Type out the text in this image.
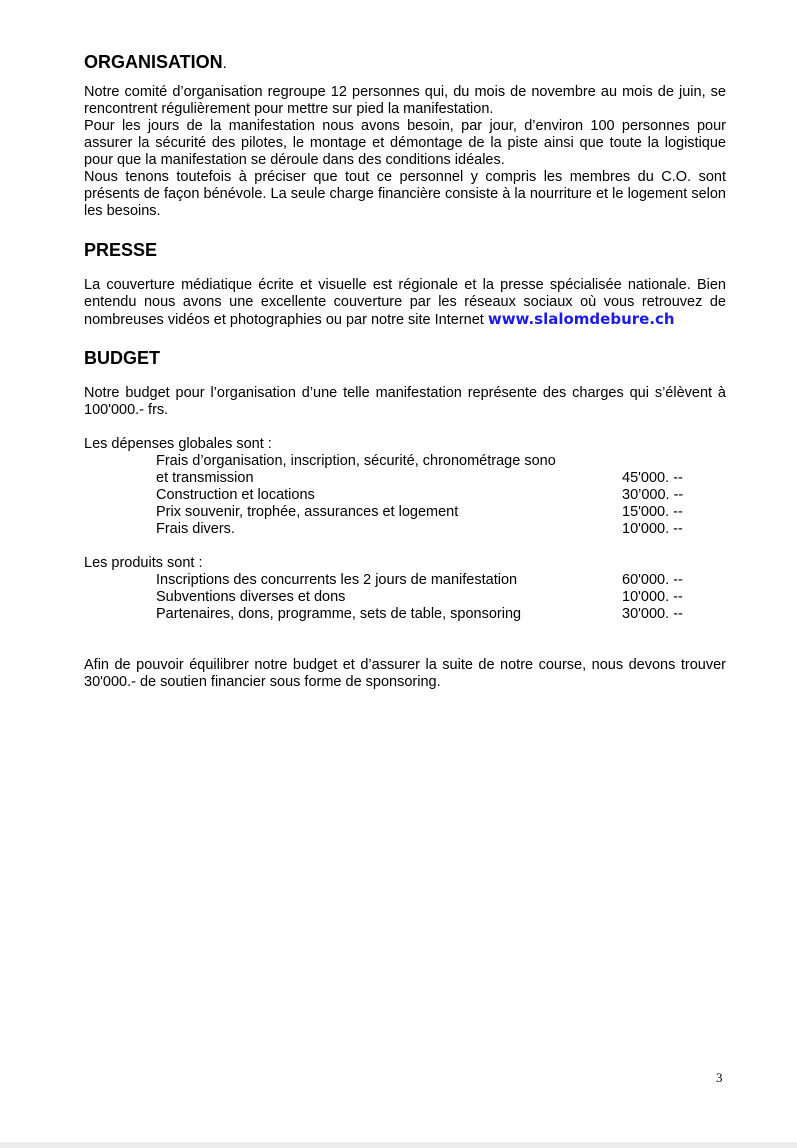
ORGANISATION.

Notre comité d’organisation regroupe 12 personnes qui, du mois de novembre au mois de juin, se rencontrent régulièrement pour mettre sur pied la manifestation.

Pour les jours de la manifestation nous avons besoin, par jour, d’environ 100 personnes pour assurer la sécurité des pilotes, le montage et démontage de la piste ainsi que toute la logistique pour que la manifestation se déroule dans des conditions idéales.

Nous tenons toutefois à préciser que tout ce personnel y compris les membres du C.O. sont présents de façon bénévole. La seule charge financière consiste à la nourriture et le logement selon les besoins.

PRESSE

La couverture médiatique écrite et visuelle est régionale et la presse spécialisée nationale. Bien entendu nous avons une excellente couverture par les réseaux sociaux où vous retrouvez de nombreuses vidéos et photographies ou par notre site Internet www.slalomdebure.ch

BUDGET

Notre budget pour l’organisation d’une telle manifestation représente des charges qui s’élèvent à 100'000.- frs.

Les dépenses globales sont :

Frais d’organisation, inscription, sécurité, chronométrage sono
et transmission	45'000. --
Construction et locations	30’000. --
Prix souvenir, trophée, assurances et logement	15'000. --
Frais divers.	10'000. --

Les produits sont :

Inscriptions des concurrents les 2 jours de manifestation	60'000. --
Subventions diverses et dons	10'000. --
Partenaires, dons, programme, sets de table, sponsoring	30'000. --

Afin de pouvoir équilibrer notre budget et d’assurer la suite de notre course, nous devons trouver 30'000.- de soutien financier sous forme de sponsoring.

3
